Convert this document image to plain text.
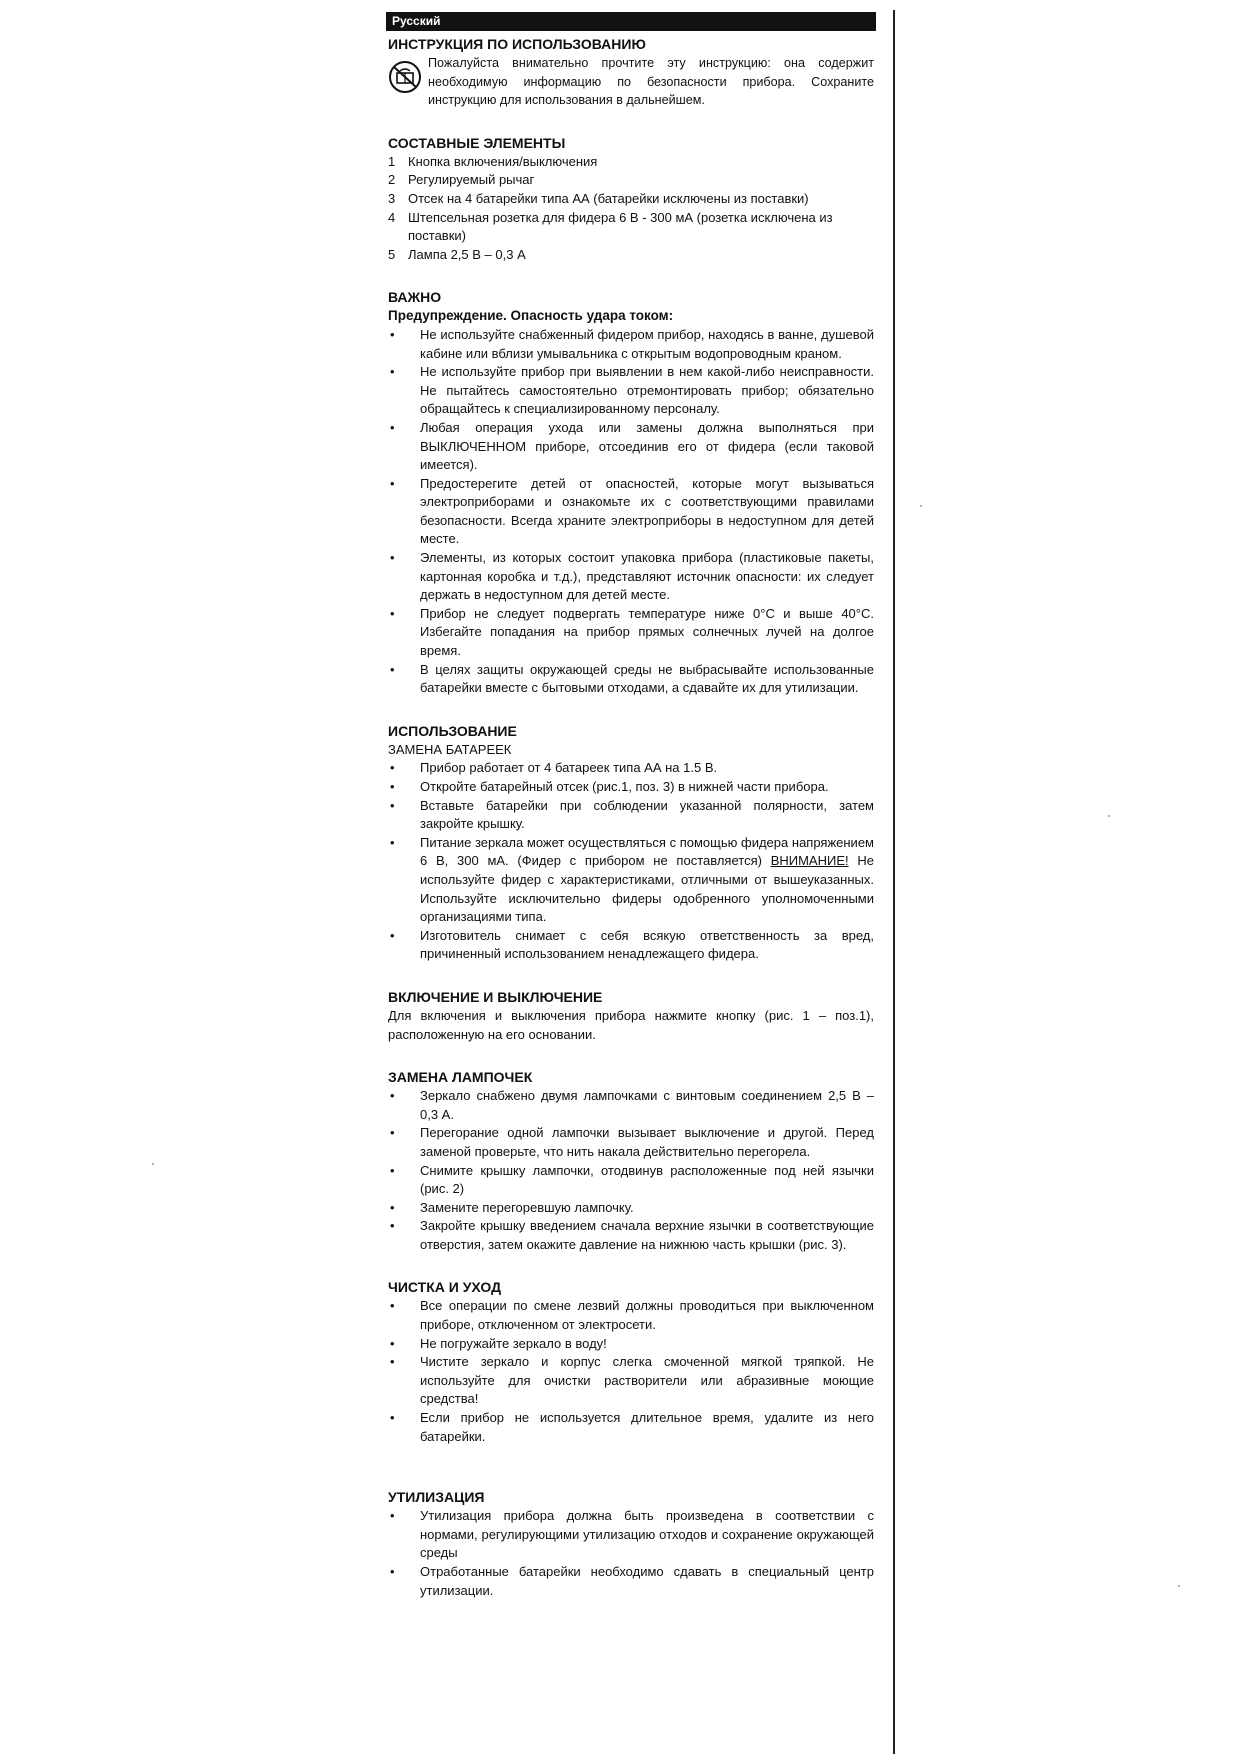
Русский
ИНСТРУКЦИЯ ПО ИСПОЛЬЗОВАНИЮ
Пожалуйста внимательно прочтите эту инструкцию: она содержит необходимую информацию по безопасности прибора. Сохраните инструкцию для использования в дальнейшем.
СОСТАВНЫЕ ЭЛЕМЕНТЫ
1 Кнопка включения/выключения
2 Регулируемый рычаг
3 Отсек на 4 батарейки типа АА (батарейки исключены из поставки)
4 Штепсельная розетка для фидера 6 В - 300 мА (розетка исключена из поставки)
5 Лампа 2,5 В – 0,3 А
ВАЖНО
Предупреждение. Опасность удара током:
• Не используйте снабженный фидером прибор, находясь в ванне, душевой кабине или вблизи умывальника с открытым водопроводным краном.
• Не используйте прибор при выявлении в нем какой-либо неисправности. Не пытайтесь самостоятельно отремонтировать прибор; обязательно обращайтесь к специализированному персоналу.
• Любая операция ухода или замены должна выполняться при ВЫКЛЮЧЕННОМ приборе, отсоединив его от фидера (если таковой имеется).
• Предостерегите детей от опасностей, которые могут вызываться электроприборами и ознакомьте их с соответствующими правилами безопасности. Всегда храните электроприборы в недоступном для детей месте.
• Элементы, из которых состоит упаковка прибора (пластиковые пакеты, картонная коробка и т.д.), представляют источник опасности: их следует держать в недоступном для детей месте.
• Прибор не следует подвергать температуре ниже 0°С и выше 40°С. Избегайте попадания на прибор прямых солнечных лучей на долгое время.
• В целях защиты окружающей среды не выбрасывайте использованные батарейки вместе с бытовыми отходами, а сдавайте их для утилизации.
ИСПОЛЬЗОВАНИЕ
ЗАМЕНА БАТАРЕЕК
• Прибор работает от 4 батареек типа АА на 1.5 В.
• Откройте батарейный отсек (рис.1, поз. 3) в нижней части прибора.
• Вставьте батарейки при соблюдении указанной полярности, затем закройте крышку.
• Питание зеркала может осуществляться с помощью фидера напряжением 6 В, 300 мА. (Фидер с прибором не поставляется) ВНИМАНИЕ! Не используйте фидер с характеристиками, отличными от вышеуказанных. Используйте исключительно фидеры одобренного уполномоченными организациями типа.
• Изготовитель снимает с себя всякую ответственность за вред, причиненный использованием ненадлежащего фидера.
ВКЛЮЧЕНИЕ И ВЫКЛЮЧЕНИЕ

Для включения и выключения прибора нажмите кнопку (рис. 1 – поз.1), расположенную на его основании.

ЗАМЕНА ЛАМПОЧЕК
• Зеркало снабжено двумя лампочками с винтовым соединением 2,5 В – 0,3 А.
• Перегорание одной лампочки вызывает выключение и другой. Перед заменой проверьте, что нить накала действительно перегорела.
• Снимите крышку лампочки, отодвинув расположенные под ней язычки (рис. 2)
• Замените перегоревшую лампочку.
• Закройте крышку введением сначала верхние язычки в соответствующие отверстия, затем окажите давление на нижнюю часть крышки (рис. 3).
ЧИСТКА И УХОД
• Все операции по смене лезвий должны проводиться при выключенном приборе, отключенном от электросети.
• Не погружайте зеркало в воду!
• Чистите зеркало и корпус слегка смоченной мягкой тряпкой. Не используйте для очистки растворители или абразивные моющие средства!
• Если прибор не используется длительное время, удалите из него батарейки.
УТИЛИЗАЦИЯ
• Утилизация прибора должна быть произведена в соответствии с нормами, регулирующими утилизацию отходов и сохранение окружающей среды
• Отработанные батарейки необходимо сдавать в специальный центр утилизации.
